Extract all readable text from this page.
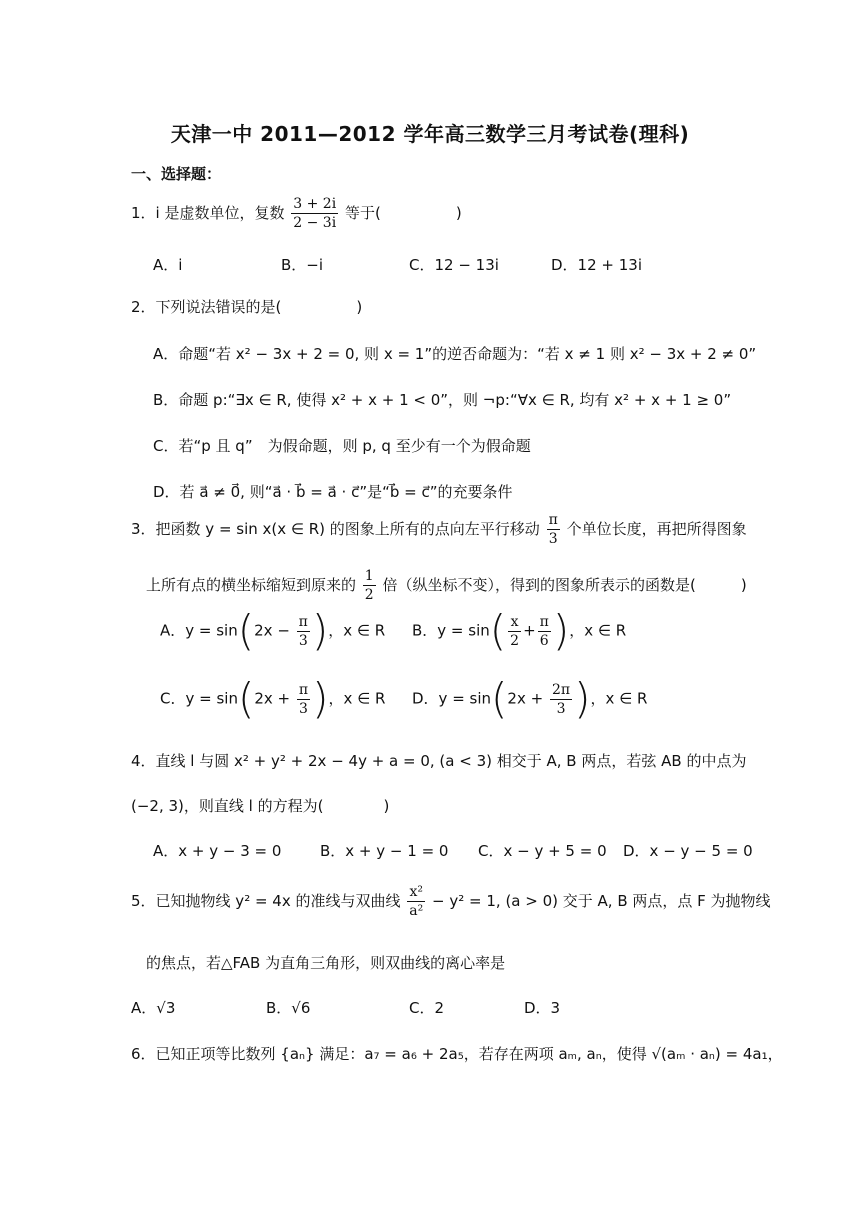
天津一中 2011—2012 学年高三数学三月考试卷(理科)
一、选择题：
1．i 是虚数单位，复数 $\frac{3 + 2i}{2 - 3i}$ 等于(　　　　　)
A．i	B．−i	C．12 − 13i	D．12 + 13i
2．下列说法错误的是(　　　　　)
A．命题“若 x² − 3x + 2 = 0, 则 x = 1”的逆否命题为：“若 x ≠ 1 则 x² − 3x + 2 ≠ 0”
B．命题 p:“∃x ∈ R, 使得 x² + x + 1 < 0”，则 ¬p:“∀x ∈ R, 均有 x² + x + 1 ≥ 0”
C．若“p 且 q”　为假命题，则 p, q 至少有一个为假命题
D．若 a⃗ ≠ 0⃗, 则“a⃗ · b⃗ = a⃗ · c⃗”是“b⃗ = c⃗”的充要条件
3．把函数 y = sin x(x ∈ R) 的图象上所有的点向左平行移动 $\frac{\pi}{3}$ 个单位长度，再把所得图象
上所有点的横坐标缩短到原来的 $\frac{1}{2}$ 倍（纵坐标不变），得到的图象所表示的函数是(　　　)
A．$y = \sin(2x - \frac{\pi}{3}$ )，x ∈ R B．$y = \sin( \frac{x}{2} + \frac{\pi}{6}$ )，x ∈ R
C．$y = \sin(2x + \frac{\pi}{3}$ )，x ∈ R D．$y = \sin(2x + \frac{2\pi}{3}$ )，x ∈ R
4．直线 l 与圆 x² + y² + 2x − 4y + a = 0, (a < 3) 相交于 A, B 两点，若弦 AB 的中点为
(−2, 3)，则直线 l 的方程为(　　　　)
A．x + y − 3 = 0	B．x + y − 1 = 0 C．x − y + 5 = 0 D．x − y − 5 = 0
5．已知抛物线 y² = 4x 的准线与双曲线 $\frac{\text{x²}}{\text{a²}} - y^2 = 1$, (a > 0) 交于 A, B 两点，点 F 为抛物线
的焦点，若△FAB 为直角三角形，则双曲线的离心率是
A．√3	B．√6	C．2	D．3
6．已知正项等比数列 {aₙ} 满足：a₇ = a₆ + 2a₅，若存在两项 aₘ, aₙ，使得 √(aₘ · aₙ) = 4a₁，
